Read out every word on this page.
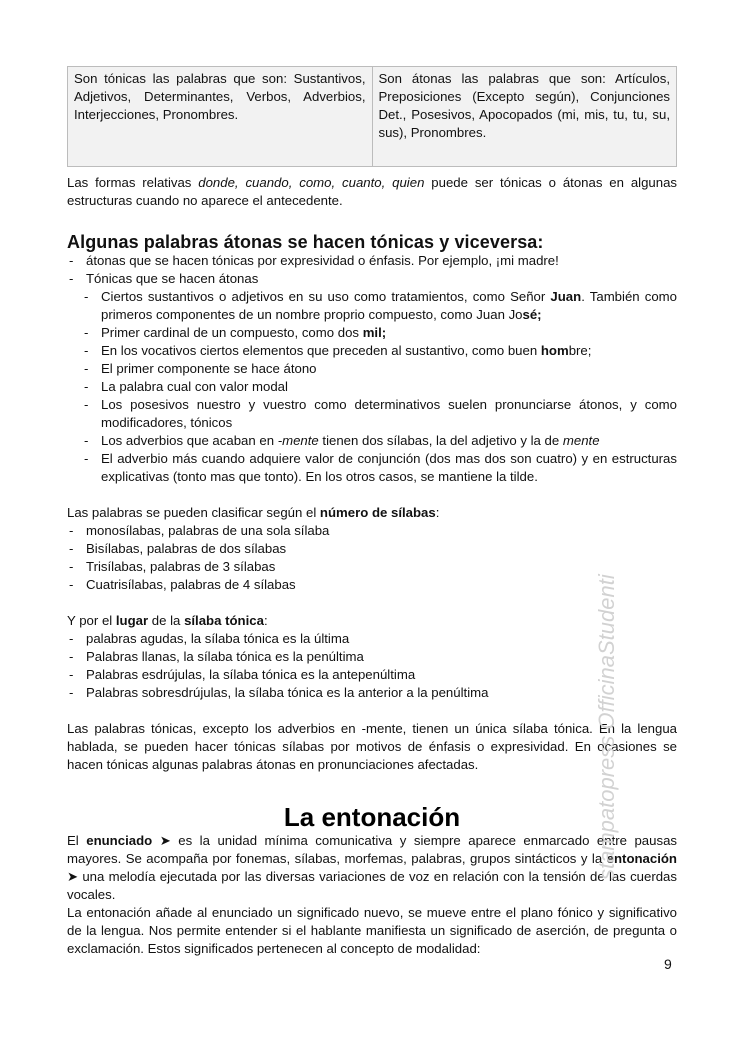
Son tónicas las palabras que son: Sustantivos, Adjetivos, Determinantes, Verbos, Adverbios, Interjecciones, Pronombres.	Son átonas las palabras que son: Artículos, Preposiciones (Excepto según), Conjunciones Det., Posesivos, Apocopados (mi, mis, tu, tu, su, sus), Pronombres.

Las formas relativas donde, cuando, como, cuanto, quien puede ser tónicas o átonas en algunas estructuras cuando no aparece el antecedente.

Algunas palabras átonas se hacen tónicas y viceversa:
- átonas que se hacen tónicas por expresividad o énfasis. Por ejemplo, ¡mi madre!
- Tónicas que se hacen átonas
- Ciertos sustantivos o adjetivos en su uso como tratamientos, como Señor Juan. También como primeros componentes de un nombre proprio compuesto, como Juan José;
- Primer cardinal de un compuesto, como dos mil;
- En los vocativos ciertos elementos que preceden al sustantivo, como buen hombre;
- El primer componente se hace átono
- La palabra cual con valor modal
- Los posesivos nuestro y vuestro como determinativos suelen pronunciarse átonos, y como modificadores, tónicos
- Los adverbios que acaban en -mente tienen dos sílabas, la del adjetivo y la de mente
- El adverbio más cuando adquiere valor de conjunción (dos mas dos son cuatro) y en estructuras explicativas (tonto mas que tonto). En los otros casos, se mantiene la tilde.

Las palabras se pueden clasificar según el número de sílabas:

- monosílabas, palabras de una sola sílaba
- Bisílabas, palabras de dos sílabas
- Trisílabas, palabras de 3 sílabas
- Cuatrisílabas, palabras de 4 sílabas

Y por el lugar de la sílaba tónica:

- palabras agudas, la sílaba tónica es la última
- Palabras llanas, la sílaba tónica es la penúltima
- Palabras esdrújulas, la sílaba tónica es la antepenúltima
- Palabras sobresdrújulas, la sílaba tónica es la anterior a la penúltima

Las palabras tónicas, excepto los adverbios en -mente, tienen un única sílaba tónica. En la lengua hablada, se pueden hacer tónicas sílabas por motivos de énfasis o expresividad. En ocasiones se hacen tónicas algunas palabras átonas en pronunciaciones afectadas.

La entonación

El enunciado ➤ es la unidad mínima comunicativa y siempre aparece enmarcado entre pausas mayores. Se acompaña por fonemas, sílabas, morfemas, palabras, grupos sintácticos y la entonación ➤ una melodía ejecutada por las diversas variaciones de voz en relación con la tensión de las cuerdas vocales.

La entonación añade al enunciado un significado nuevo, se mueve entre el plano fónico y significativo de la lengua. Nos permite entender si el hablante manifiesta un significado de aserción, de pregunta o exclamación. Estos significados pertenecen al concepto de modalidad:

stampatopress OfficinaStudenti
9
